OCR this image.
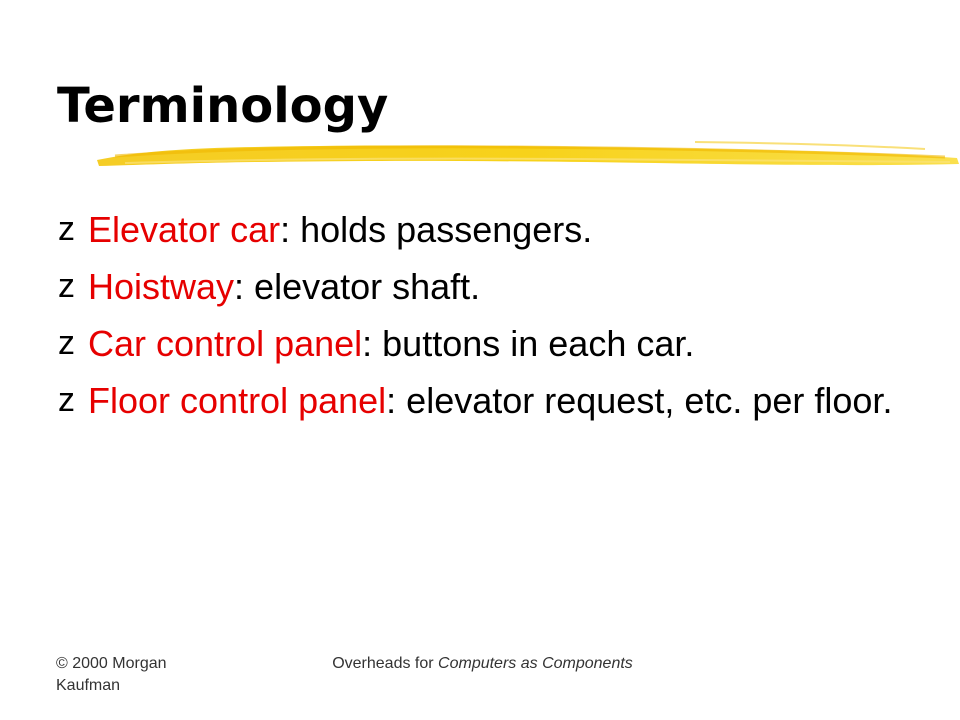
Terminology
z Elevator car: holds passengers.
z Hoistway: elevator shaft.
z Car control panel: buttons in each car.
z Floor control panel: elevator request, etc. per floor.
© 2000 Morgan Kaufman
Overheads for Computers as Components
